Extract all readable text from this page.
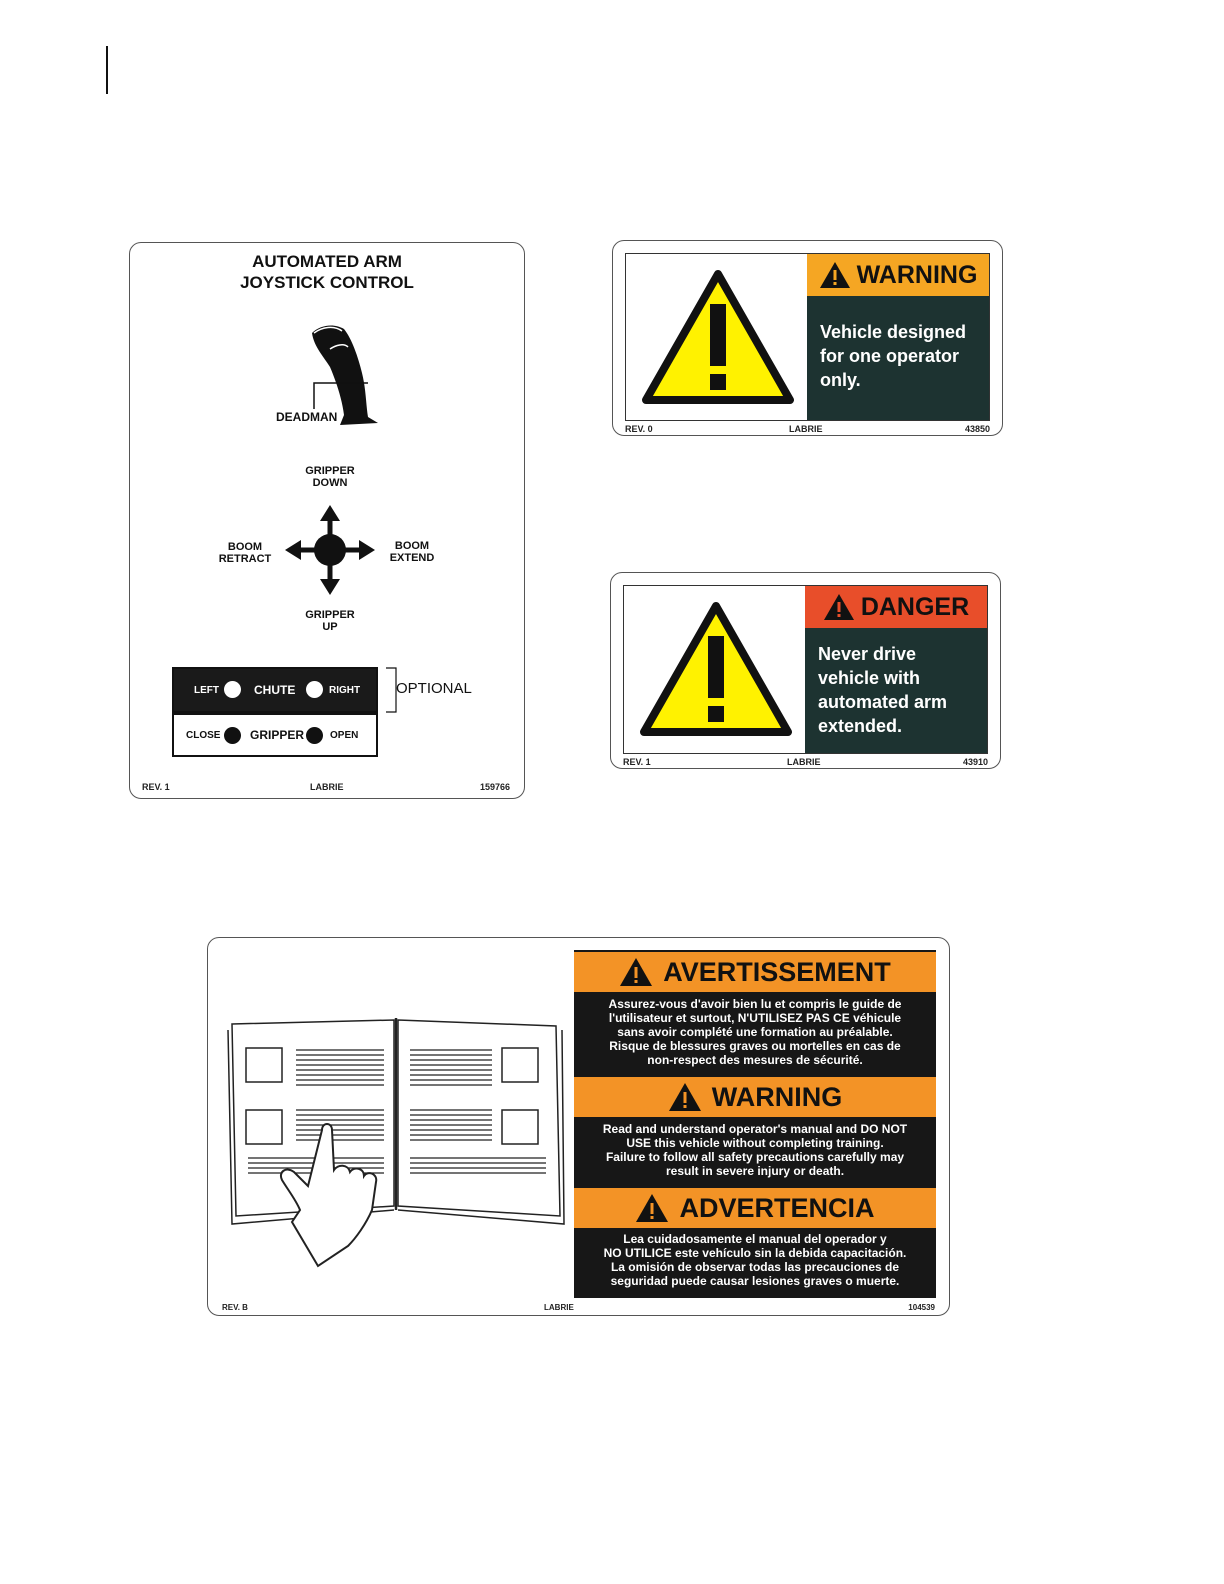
AUTOMATED ARM
JOYSTICK CONTROL
DEADMAN
GRIPPER
DOWN
BOOM
RETRACT
BOOM
EXTEND
GRIPPER
UP
LEFT	CHUTE	RIGHT
CLOSE GRIPPER	OPEN
OPTIONAL
REV. 1	LABRIE	159766
WARNING
Vehicle designed
for one operator
only.
REV. 0	LABRIE	43850
DANGER
Never drive
vehicle with
automated arm
extended.
REV. 1	LABRIE	43910
AVERTISSEMENT
Assurez-vous d'avoir bien lu et compris le guide de
l'utilisateur et surtout, N'UTILISEZ PAS CE véhicule
sans avoir complété une formation au préalable.
Risque de blessures graves ou mortelles en cas de
non-respect des mesures de sécurité.
WARNING
Read and understand operator's manual and DO NOT
USE this vehicle without completing training.
Failure to follow all safety precautions carefully may
result in severe injury or death.
ADVERTENCIA
Lea cuidadosamente el manual del operador y
NO UTILICE este vehículo sin la debida capacitación.
La omisión de observar todas las precauciones de
seguridad puede causar lesiones graves o muerte.
REV. B	LABRIE	104539
